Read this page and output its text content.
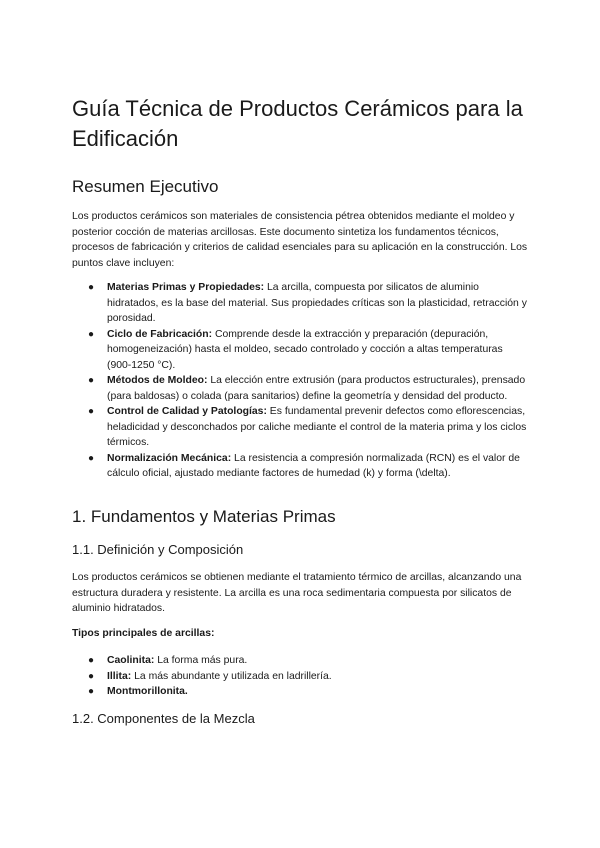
Guía Técnica de Productos Cerámicos para la Edificación
Resumen Ejecutivo

Los productos cerámicos son materiales de consistencia pétrea obtenidos mediante el moldeo y posterior cocción de materias arcillosas. Este documento sintetiza los fundamentos técnicos, procesos de fabricación y criterios de calidad esenciales para su aplicación en la construcción. Los puntos clave incluyen:

● Materias Primas y Propiedades: La arcilla, compuesta por silicatos de aluminio hidratados, es la base del material. Sus propiedades críticas son la plasticidad, retracción y porosidad.
● Ciclo de Fabricación: Comprende desde la extracción y preparación (depuración, homogeneización) hasta el moldeo, secado controlado y cocción a altas temperaturas (900-1250 °C).
● Métodos de Moldeo: La elección entre extrusión (para productos estructurales), prensado (para baldosas) o colada (para sanitarios) define la geometría y densidad del producto.
● Control de Calidad y Patologías: Es fundamental prevenir defectos como eflorescencias, heladicidad y desconchados por caliche mediante el control de la materia prima y los ciclos térmicos.
● Normalización Mecánica: La resistencia a compresión normalizada (RCN) es el valor de cálculo oficial, ajustado mediante factores de humedad (k) y forma (\delta).
1. Fundamentos y Materias Primas
1.1. Definición y Composición

Los productos cerámicos se obtienen mediante el tratamiento térmico de arcillas, alcanzando una estructura duradera y resistente. La arcilla es una roca sedimentaria compuesta por silicatos de aluminio hidratados.

Tipos principales de arcillas:

● Caolinita: La forma más pura.
● Illita: La más abundante y utilizada en ladrillería.
● Montmorillonita.
1.2. Componentes de la Mezcla
